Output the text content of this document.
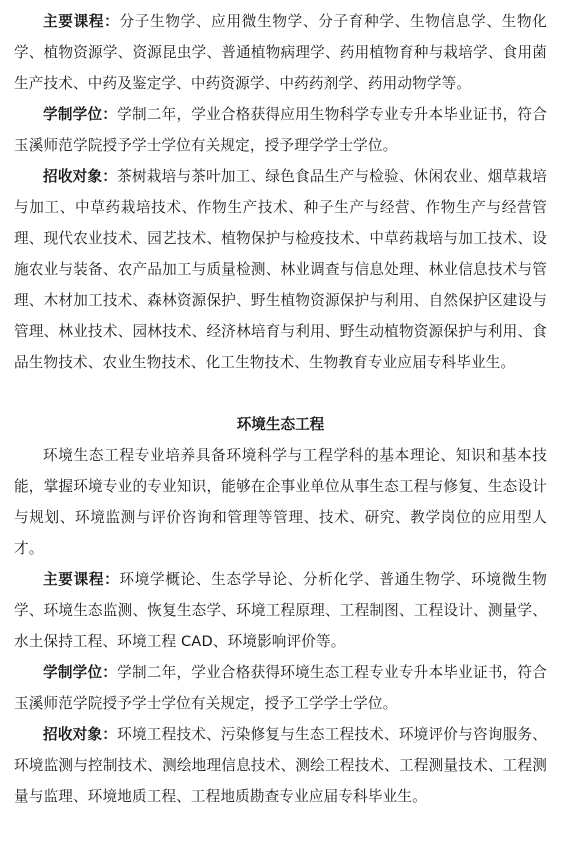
主要课程：分子生物学、应用微生物学、分子育种学、生物信息学、生物化学、植物资源学、资源昆虫学、普通植物病理学、药用植物育种与栽培学、食用菌生产技术、中药及鉴定学、中药资源学、中药药剂学、药用动物学等。

学制学位：学制二年，学业合格获得应用生物科学专业专升本毕业证书，符合玉溪师范学院授予学士学位有关规定，授予理学学士学位。

招收对象：茶树栽培与茶叶加工、绿色食品生产与检验、休闲农业、烟草栽培与加工、中草药栽培技术、作物生产技术、种子生产与经营、作物生产与经营管理、现代农业技术、园艺技术、植物保护与检疫技术、中草药栽培与加工技术、设施农业与装备、农产品加工与质量检测、林业调查与信息处理、林业信息技术与管理、木材加工技术、森林资源保护、野生植物资源保护与利用、自然保护区建设与管理、林业技术、园林技术、经济林培育与利用、野生动植物资源保护与利用、食品生物技术、农业生物技术、化工生物技术、生物教育专业应届专科毕业生。

环境生态工程

环境生态工程专业培养具备环境科学与工程学科的基本理论、知识和基本技能，掌握环境专业的专业知识，能够在企事业单位从事生态工程与修复、生态设计与规划、环境监测与评价咨询和管理等管理、技术、研究、教学岗位的应用型人才。

主要课程：环境学概论、生态学导论、分析化学、普通生物学、环境微生物学、环境生态监测、恢复生态学、环境工程原理、工程制图、工程设计、测量学、水土保持工程、环境工程 CAD、环境影响评价等。

学制学位：学制二年，学业合格获得环境生态工程专业专升本毕业证书，符合玉溪师范学院授予学士学位有关规定，授予工学学士学位。

招收对象：环境工程技术、污染修复与生态工程技术、环境评价与咨询服务、环境监测与控制技术、测绘地理信息技术、测绘工程技术、工程测量技术、工程测量与监理、环境地质工程、工程地质勘查专业应届专科毕业生。
